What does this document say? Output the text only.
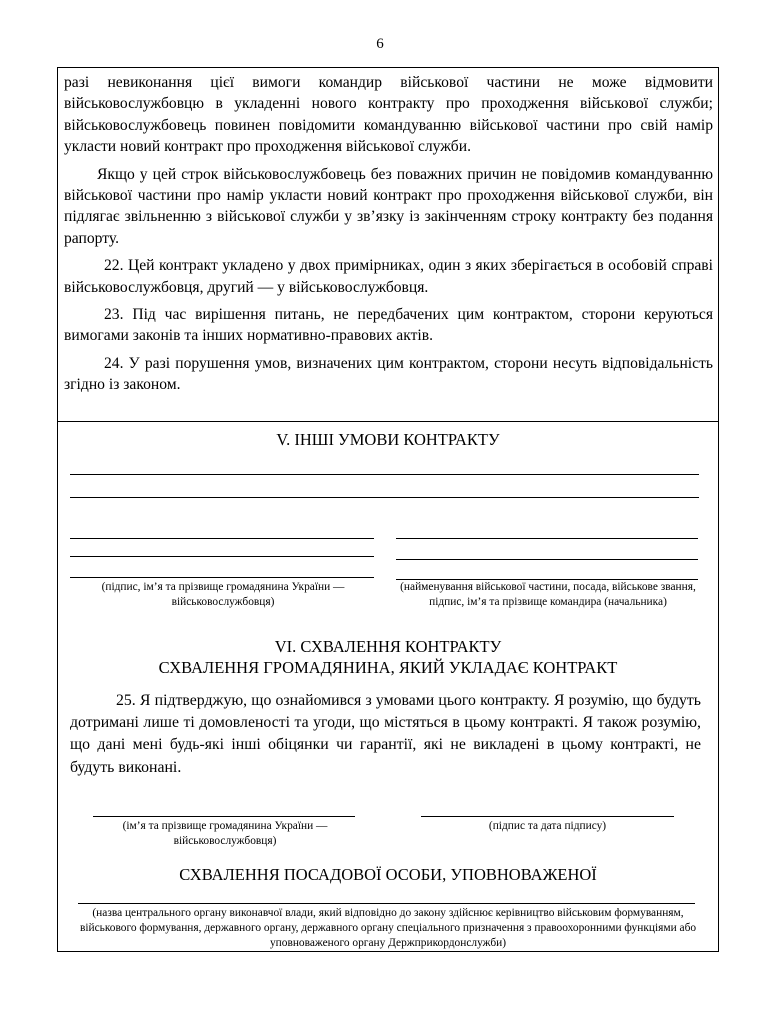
6

разі невиконання цієї вимоги командир військової частини не може відмовити військовослужбовцю в укладенні нового контракту про проходження військової служби; військовослужбовець повинен повідомити командуванню військової частини про свій намір укласти новий контракт про проходження військової служби.

Якщо у цей строк військовослужбовець без поважних причин не повідомив командуванню військової частини про намір укласти новий контракт про проходження військової служби, він підлягає звільненню з військової служби у зв’язку із закінченням строку контракту без подання рапорту.

22. Цей контракт укладено у двох примірниках, один з яких зберігається в особовій справі військовослужбовця, другий — у військовослужбовця.

23. Під час вирішення питань, не передбачених цим контрактом, сторони керуються вимогами законів та інших нормативно-правових актів.

24. У разі порушення умов, визначених цим контрактом, сторони несуть відповідальність згідно із законом.

V. ІНШІ УМОВИ КОНТРАКТУ
(підпис, ім’я та прізвище громадянина України — військовослужбовця)
(найменування військової частини, посада, військове звання, підпис, ім’я та прізвище командира (начальника)
VI. СХВАЛЕННЯ КОНТРАКТУ
СХВАЛЕННЯ ГРОМАДЯНИНА, ЯКИЙ УКЛАДАЄ КОНТРАКТ

25. Я підтверджую, що ознайомився з умовами цього контракту. Я розумію, що будуть дотримані лише ті домовленості та угоди, що містяться в цьому контракті. Я також розумію, що дані мені будь-які інші обіцянки чи гарантії, які не викладені в цьому контракті, не будуть виконані.

(ім’я та прізвище громадянина України — військовослужбовця)
(підпис та дата підпису)
СХВАЛЕННЯ ПОСАДОВОЇ ОСОБИ, УПОВНОВАЖЕНОЇ
(назва центрального органу виконавчої влади, який відповідно до закону здійснює керівництво військовим формуванням, військового формування, державного органу, державного органу спеціального призначення з правоохоронними функціями або уповноваженого органу Держприкордонслужби)
